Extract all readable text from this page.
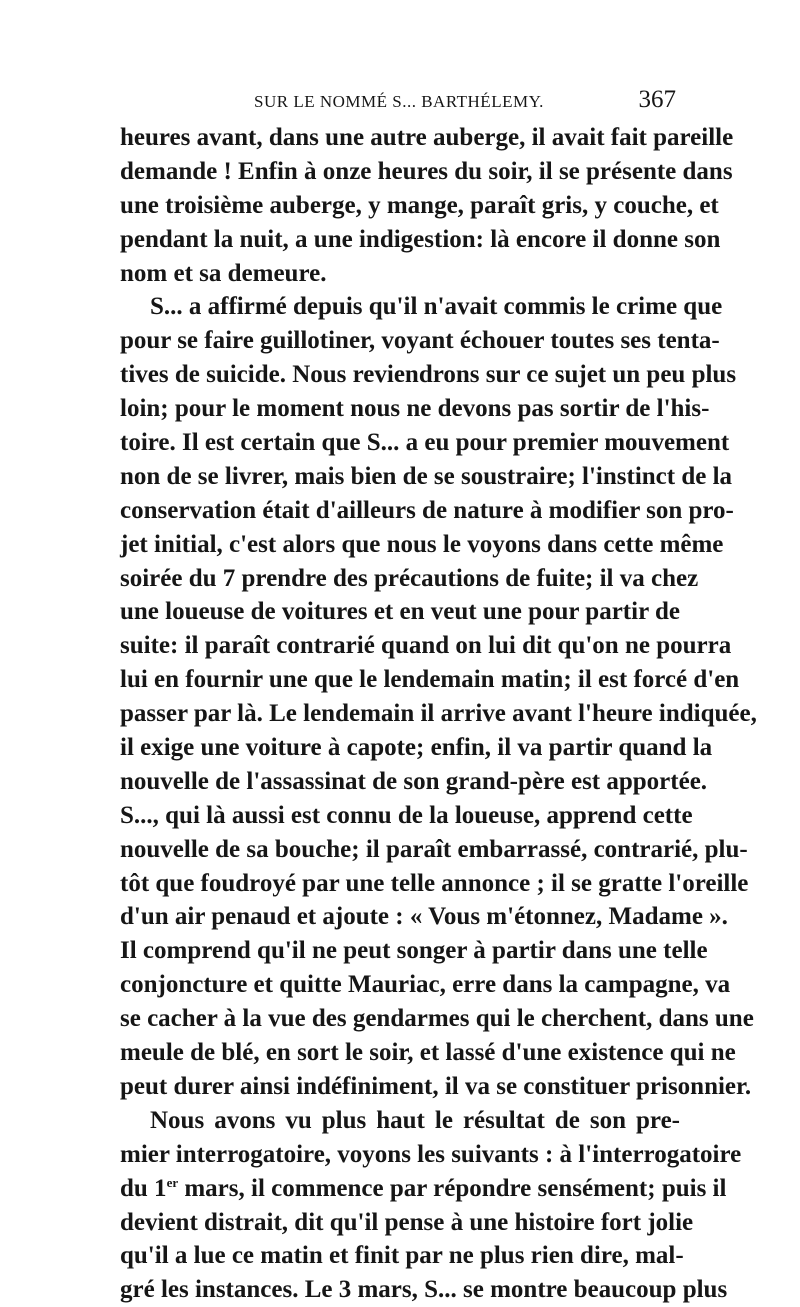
SUR LE NOMMÉ S... BARTHÉLEMY.	367
heures avant, dans une autre auberge, il avait fait pareille
demande ! Enfin à onze heures du soir, il se présente dans
une troisième auberge, y mange, paraît gris, y couche, et
pendant la nuit, a une indigestion: là encore il donne son
nom et sa demeure.
S... a affirmé depuis qu'il n'avait commis le crime que
pour se faire guillotiner, voyant échouer toutes ses tenta-
tives de suicide. Nous reviendrons sur ce sujet un peu plus
loin; pour le moment nous ne devons pas sortir de l'his-
toire. Il est certain que S... a eu pour premier mouvement
non de se livrer, mais bien de se soustraire; l'instinct de la
conservation était d'ailleurs de nature à modifier son pro-
jet initial, c'est alors que nous le voyons dans cette même
soirée du 7 prendre des précautions de fuite; il va chez
une loueuse de voitures et en veut une pour partir de
suite: il paraît contrarié quand on lui dit qu'on ne pourra
lui en fournir une que le lendemain matin; il est forcé d'en
passer par là. Le lendemain il arrive avant l'heure indiquée,
il exige une voiture à capote; enfin, il va partir quand la
nouvelle de l'assassinat de son grand-père est apportée.
S..., qui là aussi est connu de la loueuse, apprend cette
nouvelle de sa bouche; il paraît embarrassé, contrarié, plu-
tôt que foudroyé par une telle annonce ; il se gratte l'oreille
d'un air penaud et ajoute : « Vous m'étonnez, Madame ».
Il comprend qu'il ne peut songer à partir dans une telle
conjoncture et quitte Mauriac, erre dans la campagne, va
se cacher à la vue des gendarmes qui le cherchent, dans une
meule de blé, en sort le soir, et lassé d'une existence qui ne
peut durer ainsi indéfiniment, il va se constituer prisonnier.
Nous avons vu plus haut le résultat de son pre-
mier interrogatoire, voyons les suivants : à l'interrogatoire
du 1er mars, il commence par répondre sensément; puis il
devient distrait, dit qu'il pense à une histoire fort jolie
qu'il a lue ce matin et finit par ne plus rien dire, mal-
gré les instances. Le 3 mars, S... se montre beaucoup plus
